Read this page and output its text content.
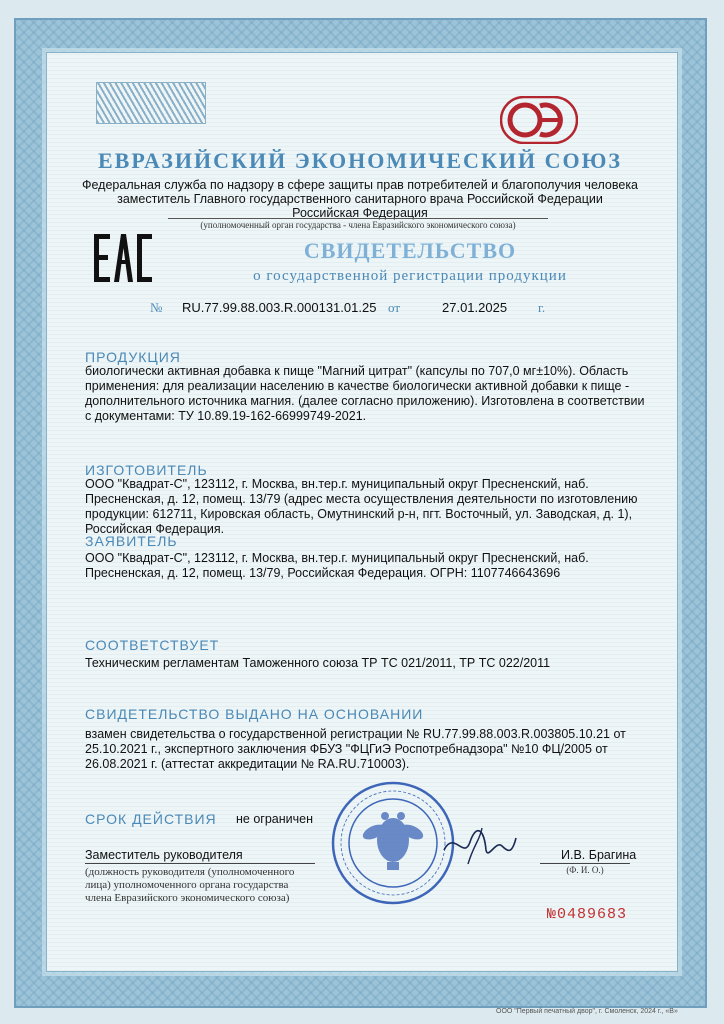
ЕВРАЗИЙСКИЙ ЭКОНОМИЧЕСКИЙ СОЮЗ
Федеральная служба по надзору в сфере защиты прав потребителей и благополучия человека
заместитель Главного государственного санитарного врача Российской Федерации
Российская Федерация
(уполномоченный орган государства - члена Евразийского экономического союза)
СВИДЕТЕЛЬСТВО
о государственной регистрации продукции
№ RU.77.99.88.003.R.000131.01.25 от	27.01.2025 г.
ПРОДУКЦИЯ
биологически активная добавка к пище "Магний цитрат" (капсулы по 707,0 мг±10%). Область применения: для реализации населению в качестве биологически активной добавки к пище - дополнительного источника магния. (далее согласно приложению). Изготовлена в соответствии с документами: ТУ 10.89.19-162-66999749-2021.
ИЗГОТОВИТЕЛЬ
ООО "Квадрат-С", 123112, г. Москва, вн.тер.г. муниципальный округ Пресненский, наб. Пресненская, д. 12, помещ. 13/79 (адрес места осуществления деятельности по изготовлению продукции: 612711, Кировская область, Омутнинский р-н, пгт. Восточный, ул. Заводская, д. 1), Российская Федерация.
ЗАЯВИТЕЛЬ
ООО "Квадрат-С", 123112, г. Москва, вн.тер.г. муниципальный округ Пресненский, наб. Пресненская, д. 12, помещ. 13/79, Российская Федерация. ОГРН: 1107746643696
СООТВЕТСТВУЕТ
Техническим регламентам Таможенного союза ТР ТС 021/2011, ТР ТС 022/2011
СВИДЕТЕЛЬСТВО ВЫДАНО НА ОСНОВАНИИ
взамен свидетельства о государственной регистрации № RU.77.99.88.003.R.003805.10.21 от 25.10.2021 г., экспертного заключения ФБУЗ "ФЦГиЭ Роспотребнадзора" №10 ФЦ/2005 от 26.08.2021 г. (аттестат аккредитации № RA.RU.710003).
СРОК ДЕЙСТВИЯ не ограничен
Заместитель руководителя	И.В. Брагина
(должность руководителя (уполномоченного лица) уполномоченного органа государства члена Евразийского экономического союза)
(Ф. И. О.)
№0489683
ООО "Первый печатный двор", г. Смоленск, 2024 г., «В»
